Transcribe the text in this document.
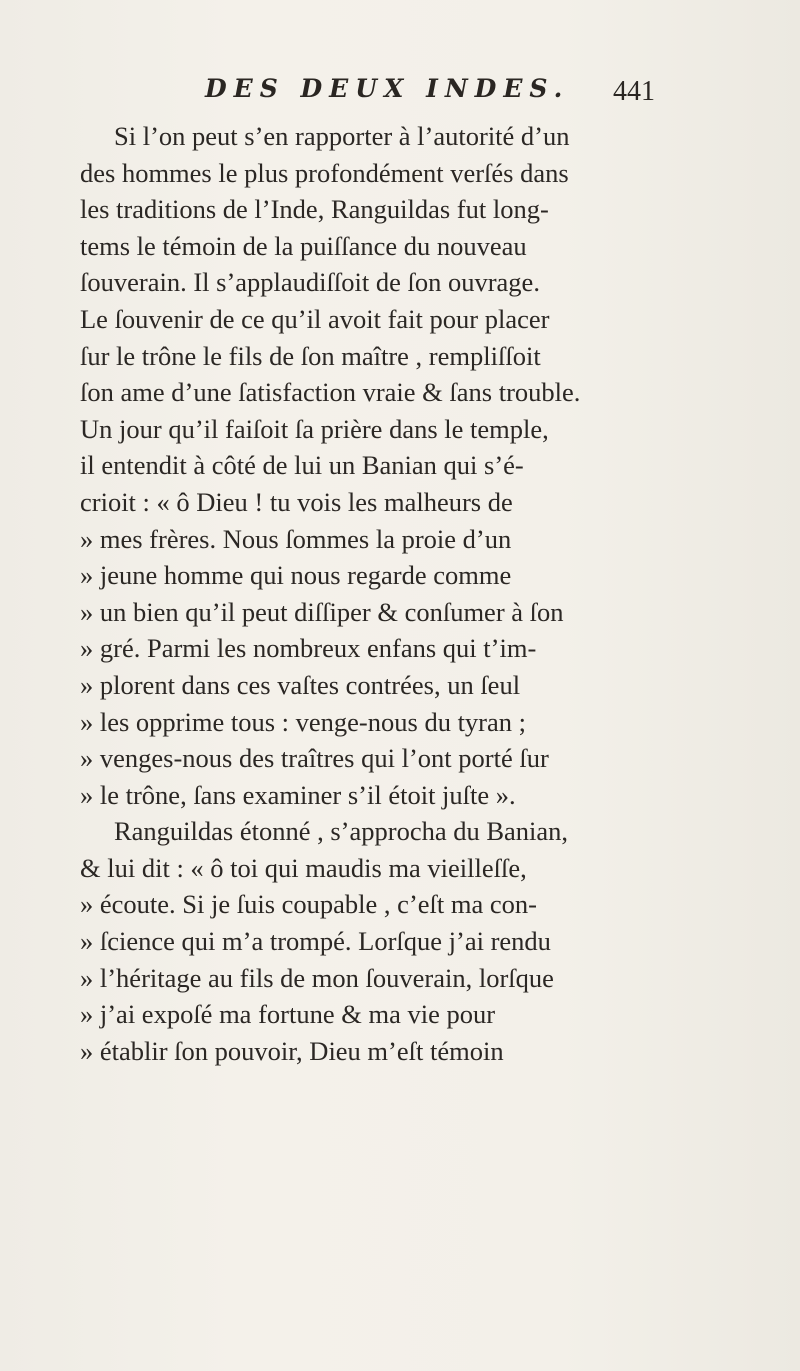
DES DEUX INDES. 441
Si l’on peut s’en rapporter à l’autorité d’un
des hommes le plus profondément verſés dans
les traditions de l’Inde, Ranguildas fut long-
tems le témoin de la puiſſance du nouveau
ſouverain. Il s’applaudiſſoit de ſon ouvrage.
Le ſouvenir de ce qu’il avoit fait pour placer
ſur le trône le fils de ſon maître , rempliſſoit
ſon ame d’une ſatisfaction vraie & ſans trouble.
Un jour qu’il faiſoit ſa prière dans le temple,
il entendit à côté de lui un Banian qui s’é-
crioit : « ô Dieu ! tu vois les malheurs de
» mes frères. Nous ſommes la proie d’un
» jeune homme qui nous regarde comme
» un bien qu’il peut diſſiper & conſumer à ſon
» gré. Parmi les nombreux enfans qui t’im-
» plorent dans ces vaſtes contrées, un ſeul
» les opprime tous : venge-nous du tyran ;
» venges-nous des traîtres qui l’ont porté ſur
» le trône, ſans examiner s’il étoit juſte ».
Ranguildas étonné , s’approcha du Banian,
& lui dit : « ô toi qui maudis ma vieilleſſe,
» écoute. Si je ſuis coupable , c’eſt ma con-
» ſcience qui m’a trompé. Lorſque j’ai rendu
» l’héritage au fils de mon ſouverain, lorſque
» j’ai expoſé ma fortune & ma vie pour
» établir ſon pouvoir, Dieu m’eſt témoin
